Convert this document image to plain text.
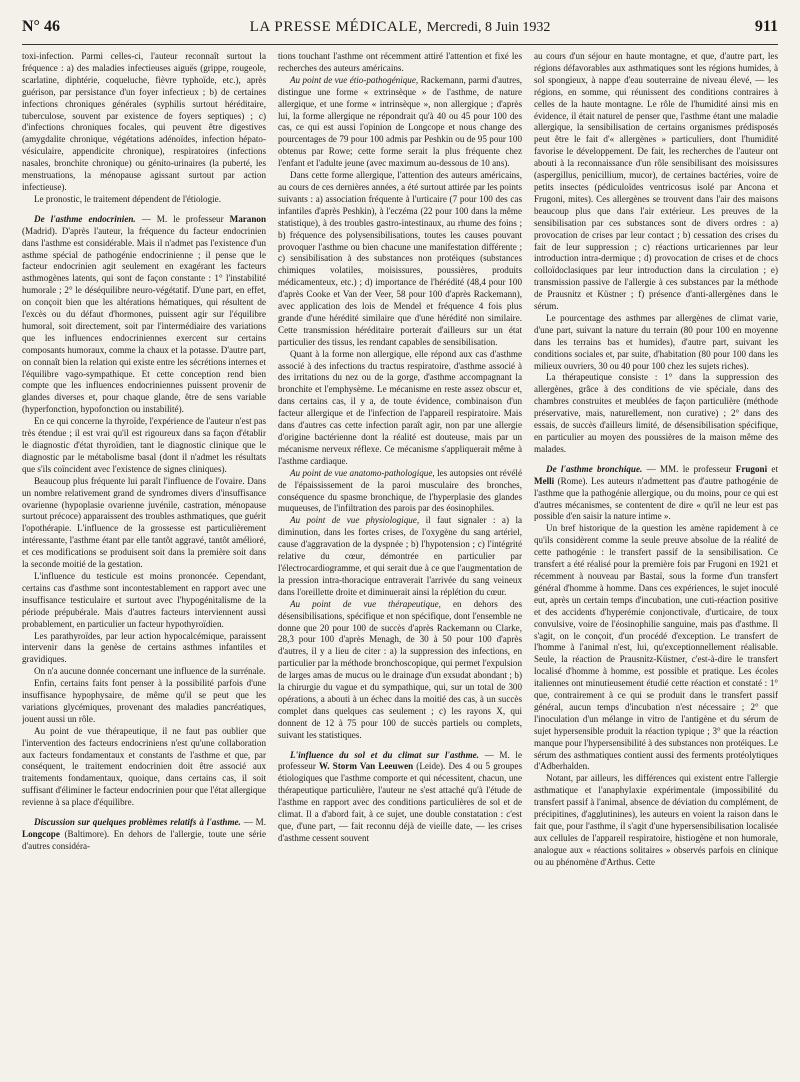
N° 46	LA PRESSE MÉDICALE, Mercredi, 8 Juin 1932	911

toxi-infection. Parmi celles-ci, l'auteur reconnaît surtout la fréquence : a) des maladies infectieuses aiguës (grippe, rougeole, scarlatine, diphtérie, coqueluche, fièvre typhoïde, etc.), après guérison, par persistance d'un foyer infectieux ; b) de certaines infections chroniques générales (syphilis surtout héréditaire, tuberculose, souvent par existence de foyers septiques) ; c) d'infections chroniques focales, qui peuvent être digestives (amygdalite chronique, végétations adénoïdes, infection hépato-vésiculaire, appendicite chronique), respiratoires (infections nasales, bronchite chronique) ou génito-urinaires (la puberté, les menstruations, la ménopause agissant surtout par action infectieuse).

Le pronostic, le traitement dépendent de l'étiologie.

De l'asthme endocrinien. — M. le professeur Maranon (Madrid). D'après l'auteur, la fréquence du facteur endocrinien dans l'asthme est considérable. Mais il n'admet pas l'existence d'un asthme spécial de pathogénie endocrinienne ; il pense que le facteur endocrinien agit seulement en exagérant les facteurs asthmogènes latents, qui sont de façon constante : 1° l'instabilité humorale ; 2° le déséquilibre neuro-végétatif. D'une part, en effet, on conçoit bien que les altérations hématiques, qui résultent de l'excès ou du défaut d'hormones, puissent agir sur l'équilibre humoral, soit directement, soit par l'intermédiaire des variations que les influences endocriniennes exercent sur certains composants humoraux, comme la chaux et la potasse. D'autre part, on connaît bien la relation qui existe entre les sécrétions internes et l'équilibre vago-sympathique. Et cette conception rend bien compte que les influences endocriniennes puissent provenir de glandes diverses et, pour chaque glande, être de sens variable (hyperfonction, hypofonction ou instabilité).

En ce qui concerne la thyroïde, l'expérience de l'auteur n'est pas très étendue ; il est vrai qu'il est rigoureux dans sa façon d'établir le diagnostic d'état thyroïdien, tant le diagnostic clinique que le diagnostic par le métabolisme basal (dont il n'admet les résultats que s'ils coïncident avec l'existence de signes cliniques).

Beaucoup plus fréquente lui paraît l'influence de l'ovaire. Dans un nombre relativement grand de syndromes divers d'insuffisance ovarienne (hypoplasie ovarienne juvénile, castration, ménopause surtout précoce) apparaissent des troubles asthmatiques, que guérit l'opothérapie. L'influence de la grossesse est particulièrement intéressante, l'asthme étant par elle tantôt aggravé, tantôt amélioré, et ces modifications se produisent soit dans la première soit dans la seconde moitié de la gestation.

L'influence du testicule est moins prononcée. Cependant, certains cas d'asthme sont incontestablement en rapport avec une insuffisance testiculaire et surtout avec l'hypogénitalisme de la période prépubérale. Mais d'autres facteurs interviennent aussi probablement, en particulier un facteur hypothyroïdien.

Les parathyroïdes, par leur action hypocalcémique, paraissent intervenir dans la genèse de certains asthmes infantiles et gravidiques.

On n'a aucune donnée concernant une influence de la surrénale.

Enfin, certains faits font penser à la possibilité parfois d'une insuffisance hypophysaire, de même qu'il se peut que les variations glycémiques, provenant des maladies pancréatiques, jouent aussi un rôle.

Au point de vue thérapeutique, il ne faut pas oublier que l'intervention des facteurs endocriniens n'est qu'une collaboration aux facteurs fondamentaux et constants de l'asthme et que, par conséquent, le traitement endocrinien doit être associé aux traitements fondamentaux, quoique, dans certains cas, il soit suffisant d'éliminer le facteur endocrinien pour que l'état allergique revienne à sa place d'équilibre.

Discussion sur quelques problèmes relatifs à l'asthme. — M. Longcope (Baltimore). En dehors de l'allergie, toute une série d'autres considéra-

tions touchant l'asthme ont récemment attiré l'attention et fixé les recherches des auteurs américains.

Au point de vue étio-pathogénique, Rackemann, parmi d'autres, distingue une forme « extrinsèque » de l'asthme, de nature allergique, et une forme « intrinsèque », non allergique ; d'après lui, la forme allergique ne répondrait qu'à 40 ou 45 pour 100 des cas, ce qui est aussi l'opinion de Longcope et nous change des pourcentages de 79 pour 100 admis par Peshkin ou de 95 pour 100 obtenus par Rowe; cette forme serait la plus fréquente chez l'enfant et l'adulte jeune (avec maximum au-dessous de 10 ans).

Dans cette forme allergique, l'attention des auteurs américains, au cours de ces dernières années, a été surtout attirée par les points suivants : a) association fréquente à l'urticaire (7 pour 100 des cas infantiles d'après Peshkin), à l'eczéma (22 pour 100 dans la même statistique), à des troubles gastro-intestinaux, au rhume des foins ; b) fréquence des polysensibilisations, toutes les causes pouvant provoquer l'asthme ou bien chacune une manifestation différente ; c) sensibilisation à des substances non protéiques (substances chimiques volatiles, moisissures, poussières, produits médicamenteux, etc.) ; d) importance de l'hérédité (48,4 pour 100 d'après Cooke et Van der Veer, 58 pour 100 d'après Rackemann), avec application des lois de Mendel et fréquence 4 fois plus grande d'une hérédité similaire que d'une hérédité non similaire. Cette transmission héréditaire porterait d'ailleurs sur un état particulier des tissus, les rendant capables de sensibilisation.

Quant à la forme non allergique, elle répond aux cas d'asthme associé à des infections du tractus respiratoire, d'asthme associé à des irritations du nez ou de la gorge, d'asthme accompagnant la bronchite et l'emphysème. Le mécanisme en reste assez obscur et, dans certains cas, il y a, de toute évidence, combinaison d'un facteur allergique et de l'infection de l'appareil respiratoire. Mais dans d'autres cas cette infection paraît agir, non par une allergie d'origine bactérienne dont la réalité est douteuse, mais par un mécanisme nerveux réflexe. Ce mécanisme s'appliquerait même à l'asthme cardiaque.

Au point de vue anatomo-pathologique, les autopsies ont révélé de l'épaississement de la paroi musculaire des bronches, conséquence du spasme bronchique, de l'hyperplasie des glandes muqueuses, de l'infiltration des parois par des éosinophiles.

Au point de vue physiologique, il faut signaler : a) la diminution, dans les fortes crises, de l'oxygène du sang artériel, cause d'aggravation de la dyspnée ; b) l'hypotension ; c) l'intégrité relative du cœur, démontrée en particulier par l'électrocardiogramme, et qui serait due à ce que l'augmentation de la pression intra-thoracique entraverait l'arrivée du sang veineux dans l'oreillette droite et diminuerait ainsi la réplétion du cœur.

Au point de vue thérapeutique, en dehors des désensibilisations, spécifique et non spécifique, dont l'ensemble ne donne que 20 pour 100 de succès d'après Rackemann ou Clarke, 28,3 pour 100 d'après Menagh, de 30 à 50 pour 100 d'après d'autres, il y a lieu de citer : a) la suppression des infections, en particulier par la méthode bronchoscopique, qui permet l'expulsion de larges amas de mucus ou le drainage d'un exsudat abondant ; b) la chirurgie du vague et du sympathique, qui, sur un total de 300 opérations, a abouti à un échec dans la moitié des cas, à un succès complet dans quelques cas seulement ; c) les rayons X, qui donnent de 12 à 75 pour 100 de succès partiels ou complets, suivant les statistiques.

L'influence du sol et du climat sur l'asthme. — M. le professeur W. Storm Van Leeuwen (Leide). Des 4 ou 5 groupes étiologiques que l'asthme comporte et qui nécessitent, chacun, une thérapeutique particulière, l'auteur ne s'est attaché qu'à l'étude de l'asthme en rapport avec des conditions particulières de sol et de climat. Il a d'abord fait, à ce sujet, une double constatation : c'est que, d'une part, — fait reconnu déjà de vieille date, — les crises d'asthme cessent souvent

au cours d'un séjour en haute montagne, et que, d'autre part, les régions défavorables aux asthmatiques sont les régions humides, à sol spongieux, à nappe d'eau souterraine de niveau élevé, — les régions, en somme, qui réunissent des conditions contraires à celles de la haute montagne. Le rôle de l'humidité ainsi mis en évidence, il était naturel de penser que, l'asthme étant une maladie allergique, la sensibilisation de certains organismes prédisposés peut être le fait d'« allergènes » particuliers, dont l'humidité favorise le développement. De fait, les recherches de l'auteur ont abouti à la reconnaissance d'un rôle sensibilisant des moisissures (aspergillus, penicillium, mucor), de certaines bactéries, voire de petits insectes (pédiculoïdes ventricosus isolé par Ancona et Frugoni, mites). Ces allergènes se trouvent dans l'air des maisons beaucoup plus que dans l'air extérieur. Les preuves de la sensibilisation par ces substances sont de divers ordres : a) provocation de crises par leur contact ; b) cessation des crises du fait de leur suppression ; c) réactions urticariennes par leur introduction intra-dermique ; d) provocation de crises et de chocs colloïdoclasiques par leur introduction dans la circulation ; e) transmission passive de l'allergie à ces substances par la méthode de Prausnitz et Küstner ; f) présence d'anti-allergènes dans le sérum.

Le pourcentage des asthmes par allergènes de climat varie, d'une part, suivant la nature du terrain (80 pour 100 en moyenne dans les terrains bas et humides), d'autre part, suivant les conditions sociales et, par suite, d'habitation (80 pour 100 dans les milieux ouvriers, 30 ou 40 pour 100 chez les sujets riches).

La thérapeutique consiste : 1° dans la suppression des allergènes, grâce à des conditions de vie spéciale, dans des chambres construites et meublées de façon particulière (méthode préservative, mais, naturellement, non curative) ; 2° dans des essais, de succès d'ailleurs limité, de désensibilisation spécifique, en particulier au moyen des poussières de la maison même des malades.

De l'asthme bronchique. — MM. le professeur Frugoni et Melli (Rome). Les auteurs n'admettent pas d'autre pathogénie de l'asthme que la pathogénie allergique, ou du moins, pour ce qui est d'autres mécanismes, se contentent de dire « qu'il ne leur est pas possible d'en saisir la nature intime ».

Un bref historique de la question les amène rapidement à ce qu'ils considèrent comme la seule preuve absolue de la réalité de cette pathogénie : le transfert passif de la sensibilisation. Ce transfert a été réalisé pour la première fois par Frugoni en 1921 et récemment à nouveau par Bastaï, sous la forme d'un transfert général d'homme à homme. Dans ces expériences, le sujet inoculé eut, après un certain temps d'incubation, une cuti-réaction positive et des accidents d'hyperémie conjonctivale, d'urticaire, de toux convulsive, voire de l'éosinophilie sanguine, mais pas d'asthme. Il s'agit, on le conçoit, d'un procédé d'exception. Le transfert de l'homme à l'animal n'est, lui, qu'exceptionnellement réalisable. Seule, la réaction de Prausnitz-Küstner, c'est-à-dire le transfert localisé d'homme à homme, est possible et pratique. Les écoles italiennes ont minutieusement étudié cette réaction et constaté : 1° que, contrairement à ce qui se produit dans le transfert passif général, aucun temps d'incubation n'est nécessaire ; 2° que l'inoculation d'un mélange in vitro de l'antigène et du sérum de sujet hypersensible produit la réaction typique ; 3° que la réaction manque pour l'hypersensibilité à des substances non protéiques. Le sérum des asthmatiques contient aussi des ferments protéolytiques d'Adberhalden.

Notant, par ailleurs, les différences qui existent entre l'allergie asthmatique et l'anaphylaxie expérimentale (impossibilité du transfert passif à l'animal, absence de déviation du complément, de précipitines, d'agglutinines), les auteurs en voient la raison dans le fait que, pour l'asthme, il s'agit d'une hypersensibilisation localisée aux cellules de l'appareil respiratoire, histiogène et non humorale, analogue aux « réactions solitaires » observés parfois en clinique ou au phénomène d'Arthus. Cette
